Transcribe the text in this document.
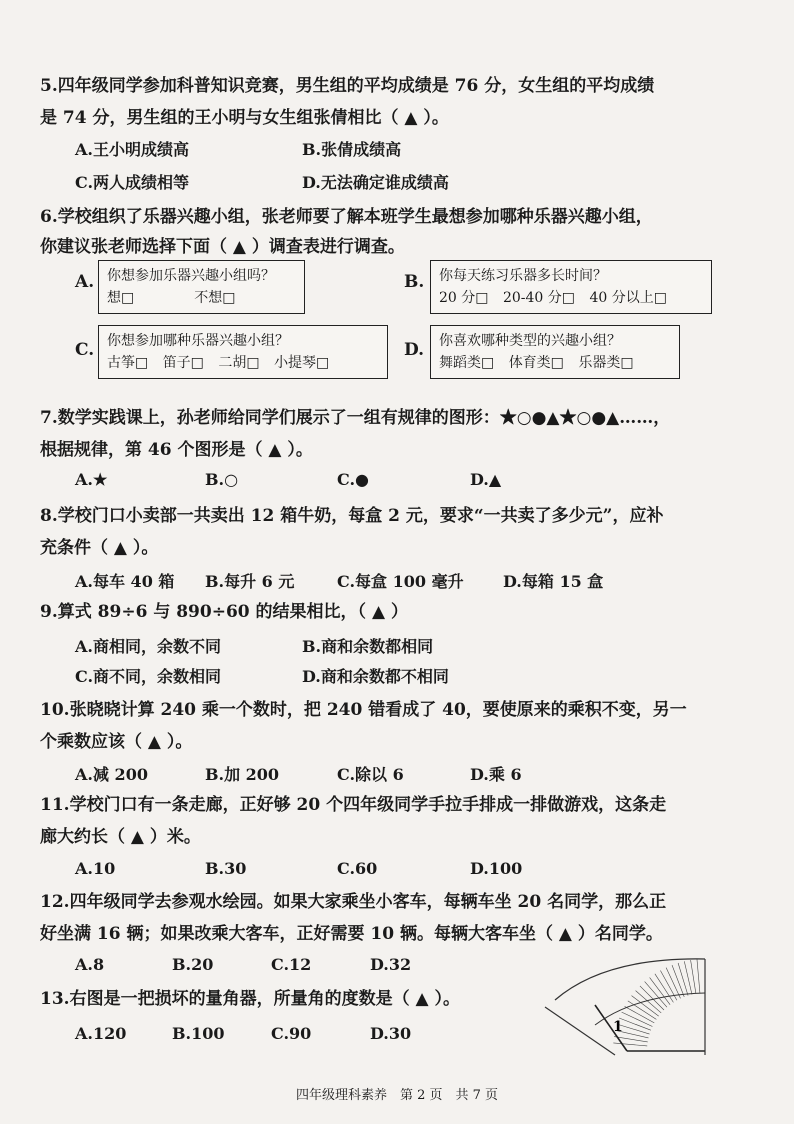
5.四年级同学参加科普知识竞赛，男生组的平均成绩是 76 分，女生组的平均成绩
是 74 分，男生组的王小明与女生组张倩相比（ ▲ ）。
A.王小明成绩高	B.张倩成绩高
C.两人成绩相等	D.无法确定谁成绩高
6.学校组织了乐器兴趣小组，张老师要了解本班学生最想参加哪种乐器兴趣小组，
你建议张老师选择下面（ ▲ ）调查表进行调查。
A. 你想参加乐器兴趣小组吗？
想□	不想□
B. 你每天练习乐器多长时间？
20 分□ 20-40 分□ 40 分以上□
C. 你想参加哪种乐器兴趣小组？
古筝□ 笛子□ 二胡□ 小提琴□
D. 你喜欢哪种类型的兴趣小组？
舞蹈类□ 体育类□ 乐器类□
7.数学实践课上，孙老师给同学们展示了一组有规律的图形：★○●▲★○●▲……，
根据规律，第 46 个图形是（ ▲ ）。
A.★	B.○	C.●	D.▲
8.学校门口小卖部一共卖出 12 箱牛奶，每盒 2 元，要求“一共卖了多少元”，应补
充条件（ ▲ ）。
A.每车 40 箱 B.每升 6 元	C.每盒 100 毫升 D.每箱 15 盒
9.算式 89÷6 与 890÷60 的结果相比，（ ▲ ）
A.商相同，余数不同	B.商和余数都相同
C.商不同，余数相同	D.商和余数都不相同
10.张晓晓计算 240 乘一个数时，把 240 错看成了 40，要使原来的乘积不变，另一
个乘数应该（ ▲ ）。
A.减 200	B.加 200	C.除以 6	D.乘 6
11.学校门口有一条走廊，正好够 20 个四年级同学手拉手排成一排做游戏，这条走
廊大约长（ ▲ ）米。
A.10	B.30	C.60	D.100
12.四年级同学去参观水绘园。如果大家乘坐小客车，每辆车坐 20 名同学，那么正
好坐满 16 辆；如果改乘大客车，正好需要 10 辆。每辆大客车坐（ ▲ ）名同学。
A.8	B.20	C.12	D.32
13.右图是一把损坏的量角器，所量角的度数是（ ▲ ）。
A.120	B.100	C.90	D.30	1
四年级理科素养　第 2 页　共 7 页
